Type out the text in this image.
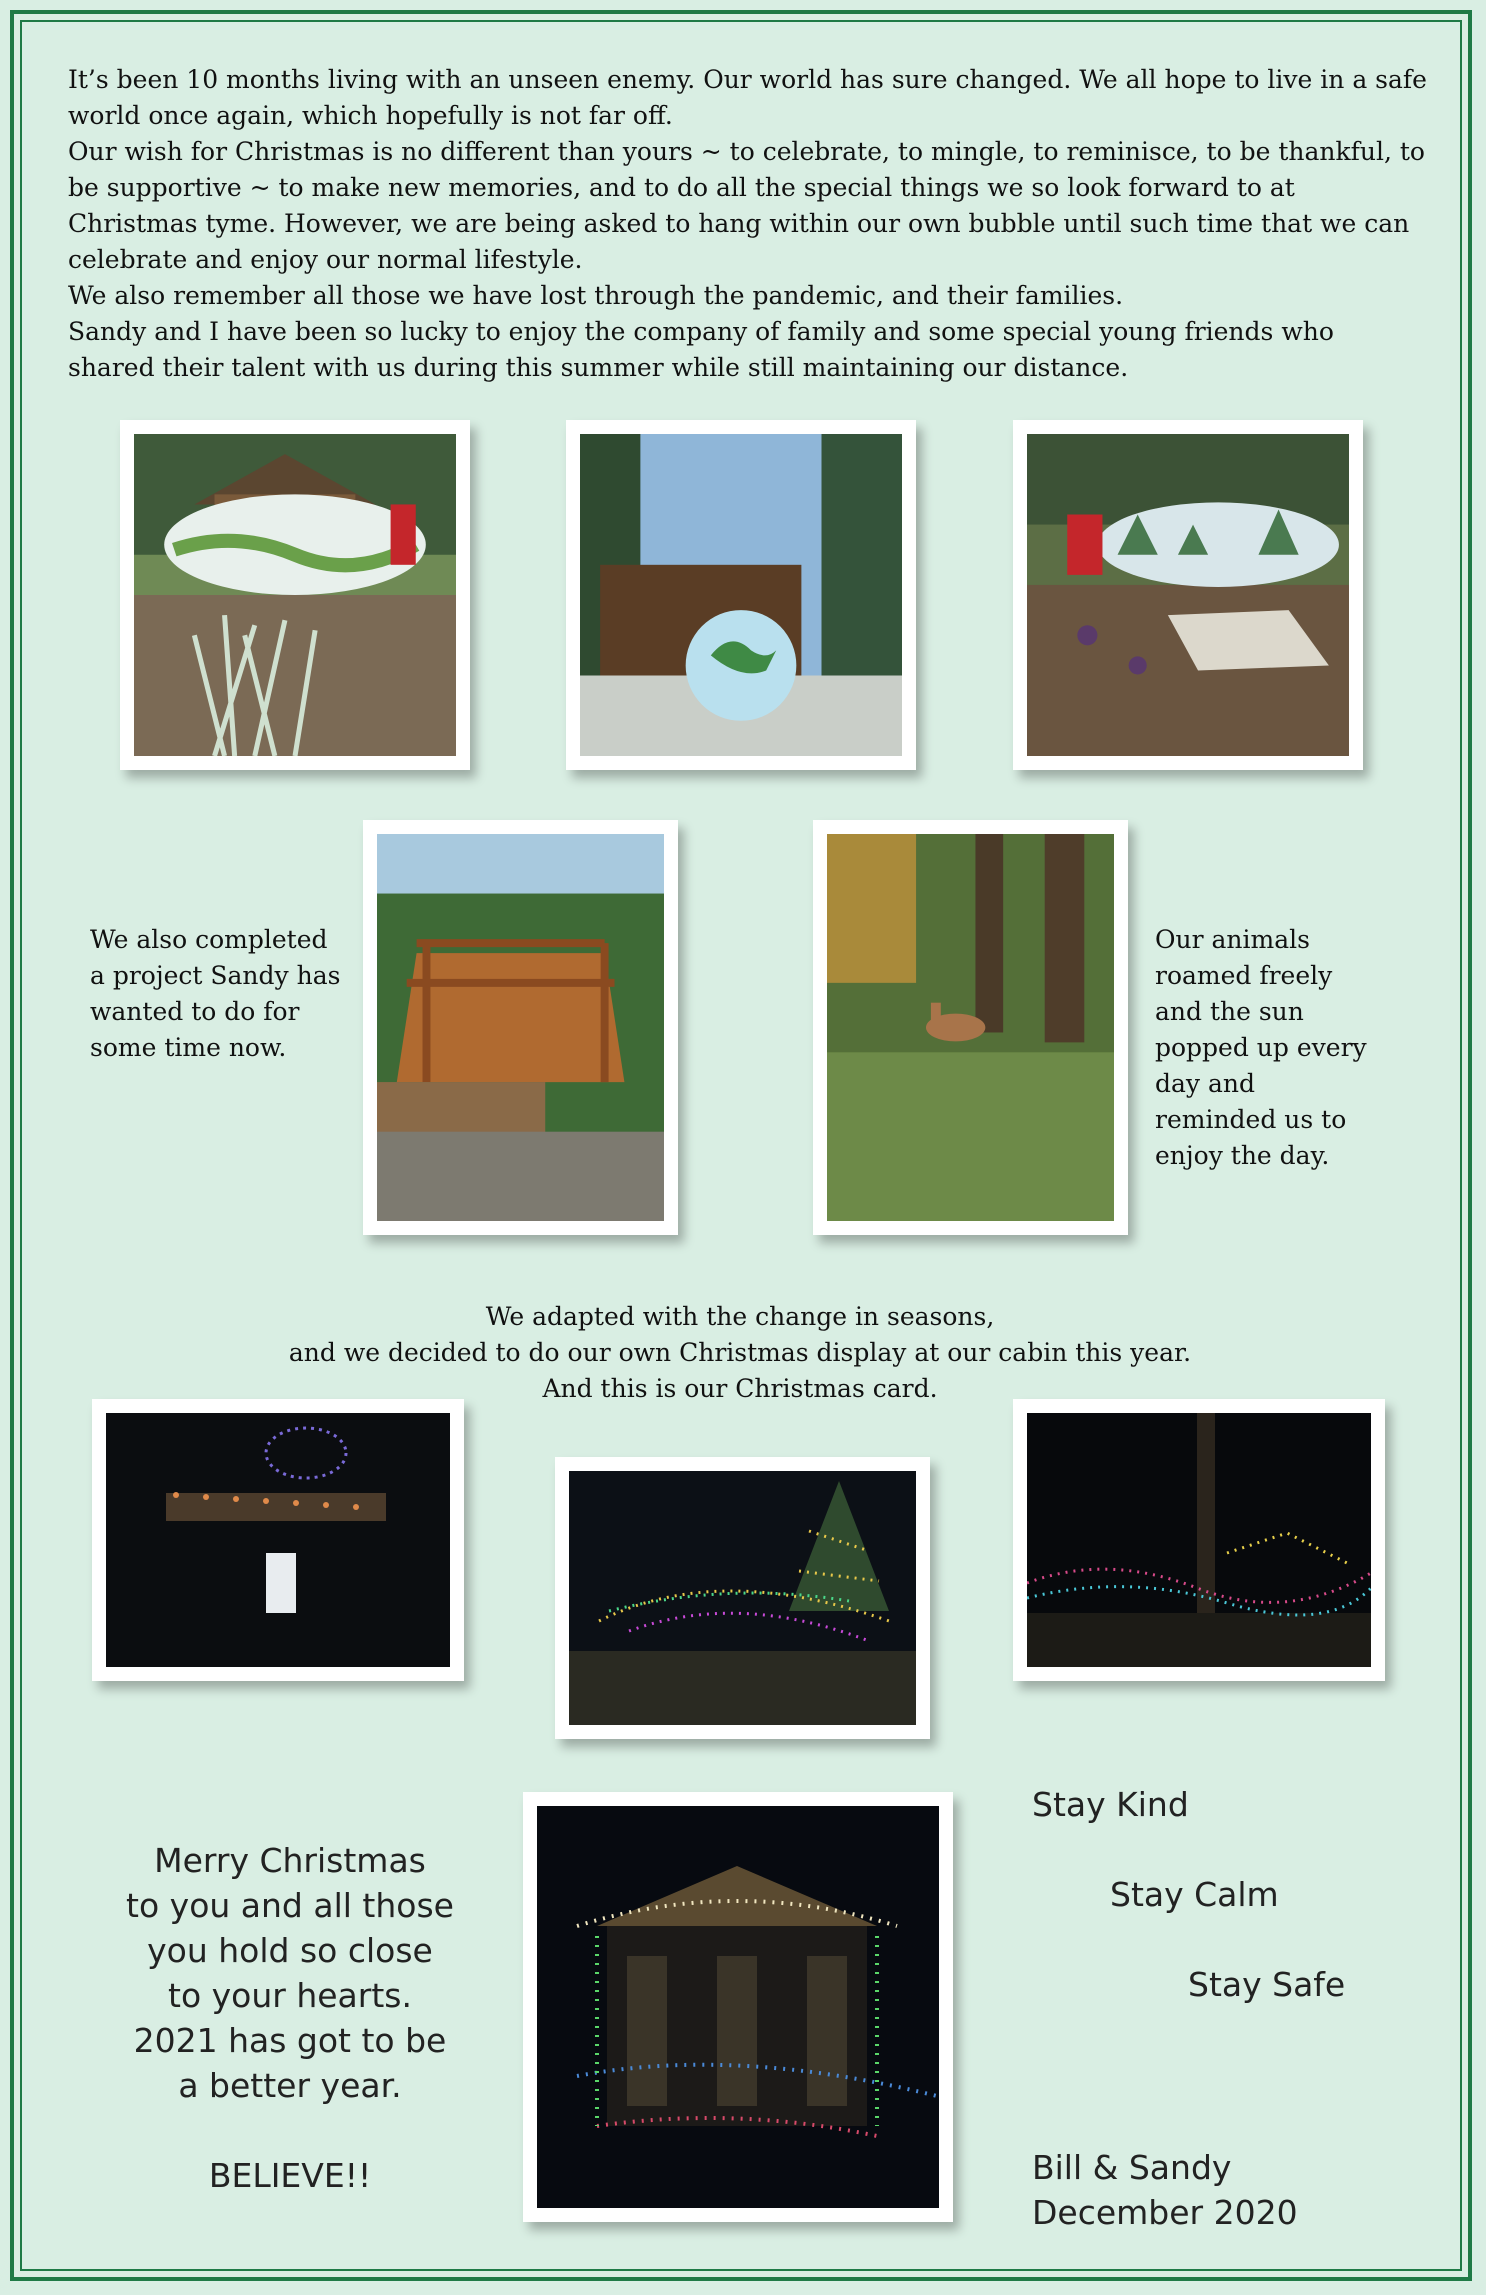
It’s been 10 months living with an unseen enemy. Our world has sure changed. We all hope to live in a safe world once again, which hopefully is not far off.

Our wish for Christmas is no different than yours ~ to celebrate, to mingle, to reminisce, to be thankful, to be supportive ~ to make new memories, and to do all the special things we so look forward to at Christmas tyme. However, we are being asked to hang within our own bubble until such time that we can celebrate and enjoy our normal lifestyle.

We also remember all those we have lost through the pandemic, and their families.

Sandy and I have been so lucky to enjoy the company of family and some special young friends who shared their talent with us during this summer while still maintaining our distance.

We also completed a project Sandy has wanted to do for some time now.
Our animals roamed freely and the sun popped up every day and reminded us to enjoy the day.
We adapted with the change in seasons,
and we decided to do our own Christmas display at our cabin this year.
And this is our Christmas card.

Merry Christmas

to you and all those

you hold so close

to your hearts.

2021 has got to be

a better year.

BELIEVE!!

Stay Kind
Stay Calm
Stay Safe
Bill & Sandy
December 2020
